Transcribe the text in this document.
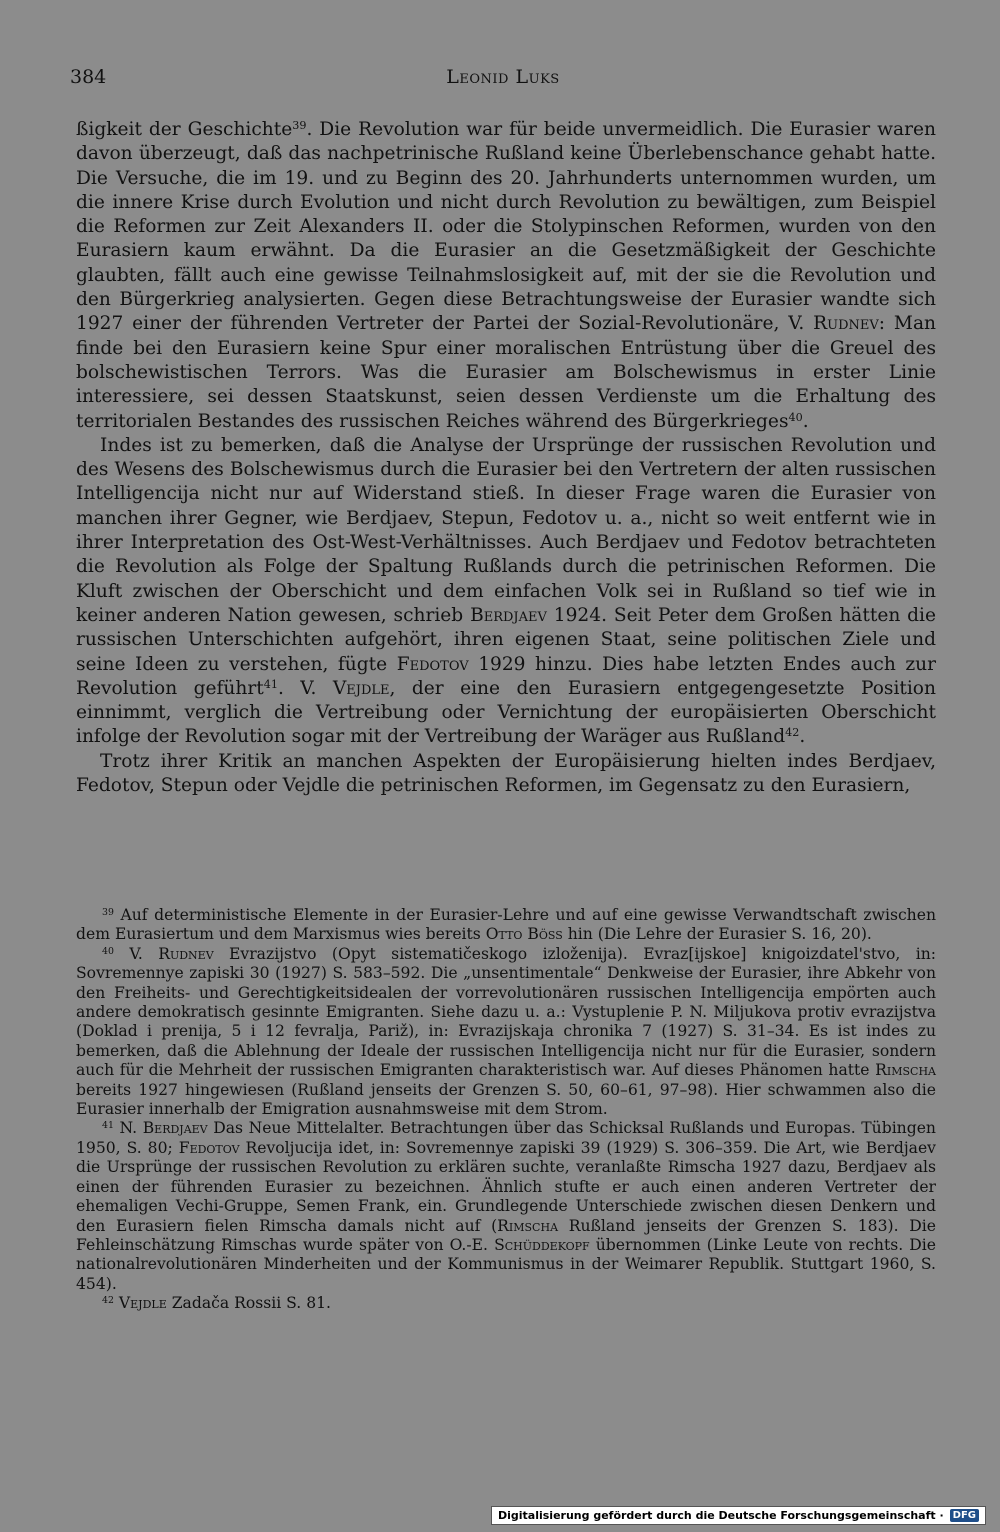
384	Leonid Luks

ßigkeit der Geschichte$^{39}$. Die Revolution war für beide unvermeidlich. Die Eurasier waren davon überzeugt, daß das nachpetrinische Rußland keine Überlebenschance gehabt hatte. Die Versuche, die im 19. und zu Beginn des 20. Jahrhunderts unternommen wurden, um die innere Krise durch Evolution und nicht durch Revolution zu bewältigen, zum Beispiel die Reformen zur Zeit Alexanders II. oder die Stolypinschen Reformen, wurden von den Eurasiern kaum erwähnt. Da die Eurasier an die Gesetzmäßigkeit der Geschichte glaubten, fällt auch eine gewisse Teilnahmslosigkeit auf, mit der sie die Revolution und den Bürgerkrieg analysierten. Gegen diese Betrachtungsweise der Eurasier wandte sich 1927 einer der führenden Vertreter der Partei der Sozial-Revolutionäre, V. Rudnev: Man finde bei den Eurasiern keine Spur einer moralischen Entrüstung über die Greuel des bolschewistischen Terrors. Was die Eurasier am Bolschewismus in erster Linie interessiere, sei dessen Staatskunst, seien dessen Verdienste um die Erhaltung des territorialen Bestandes des russischen Reiches während des Bürgerkrieges$^{40}$.

Indes ist zu bemerken, daß die Analyse der Ursprünge der russischen Revolution und des Wesens des Bolschewismus durch die Eurasier bei den Vertretern der alten russischen Intelligencija nicht nur auf Widerstand stieß. In dieser Frage waren die Eurasier von manchen ihrer Gegner, wie Berdjaev, Stepun, Fedotov u. a., nicht so weit entfernt wie in ihrer Interpretation des Ost-West-Verhältnisses. Auch Berdjaev und Fedotov betrachteten die Revolution als Folge der Spaltung Rußlands durch die petrinischen Reformen. Die Kluft zwischen der Oberschicht und dem einfachen Volk sei in Rußland so tief wie in keiner anderen Nation gewesen, schrieb Berdjaev 1924. Seit Peter dem Großen hätten die russischen Unterschichten aufgehört, ihren eigenen Staat, seine politischen Ziele und seine Ideen zu verstehen, fügte Fedotov 1929 hinzu. Dies habe letzten Endes auch zur Revolution geführt$^{41}$. V. Vejdle, der eine den Eurasiern entgegengesetzte Position einnimmt, verglich die Vertreibung oder Vernichtung der europäisierten Oberschicht infolge der Revolution sogar mit der Vertreibung der Waräger aus Rußland$^{42}$.

Trotz ihrer Kritik an manchen Aspekten der Europäisierung hielten indes Berdjaev, Fedotov, Stepun oder Vejdle die petrinischen Reformen, im Gegensatz zu den Eurasiern,

$^{39}$ Auf deterministische Elemente in der Eurasier-Lehre und auf eine gewisse Verwandtschaft zwischen dem Eurasiertum und dem Marxismus wies bereits Otto Böss hin (Die Lehre der Eurasier S. 16, 20).

$^{40}$ V. Rudnev Evrazijstvo (Opyt sistematičeskogo izloženija). Evraz[ijskoe] knigoizdatel'stvo, in: Sovremennye zapiski 30 (1927) S. 583–592. Die „unsentimentale“ Denkweise der Eurasier, ihre Abkehr von den Freiheits- und Gerechtigkeitsidealen der vorrevolutionären russischen Intelligencija empörten auch andere demokratisch gesinnte Emigranten. Siehe dazu u. a.: Vystuplenie P. N. Miljukova protiv evrazijstva (Doklad i prenija, 5 i 12 fevralja, Pariž), in: Evrazijskaja chronika 7 (1927) S. 31–34. Es ist indes zu bemerken, daß die Ablehnung der Ideale der russischen Intelligencija nicht nur für die Eurasier, sondern auch für die Mehrheit der russischen Emigranten charakteristisch war. Auf dieses Phänomen hatte Rimscha bereits 1927 hingewiesen (Rußland jenseits der Grenzen S. 50, 60–61, 97–98). Hier schwammen also die Eurasier innerhalb der Emigration ausnahmsweise mit dem Strom.

$^{41}$ N. Berdjaev Das Neue Mittelalter. Betrachtungen über das Schicksal Rußlands und Europas. Tübingen 1950, S. 80; Fedotov Revoljucija idet, in: Sovremennye zapiski 39 (1929) S. 306–359. Die Art, wie Berdjaev die Ursprünge der russischen Revolution zu erklären suchte, veranlaßte Rimscha 1927 dazu, Berdjaev als einen der führenden Eurasier zu bezeichnen. Ähnlich stufte er auch einen anderen Vertreter der ehemaligen Vechi-Gruppe, Semen Frank, ein. Grundlegende Unterschiede zwischen diesen Denkern und den Eurasiern fielen Rimscha damals nicht auf (Rimscha Rußland jenseits der Grenzen S. 183). Die Fehleinschätzung Rimschas wurde später von O.-E. Schüddekopf übernommen (Linke Leute von rechts. Die nationalrevolutionären Minderheiten und der Kommunismus in der Weimarer Republik. Stuttgart 1960, S. 454).

$^{42}$ Vejdle Zadača Rossii S. 81.

Digitalisierung gefördert durch die Deutsche Forschungsgemeinschaft · DFG
